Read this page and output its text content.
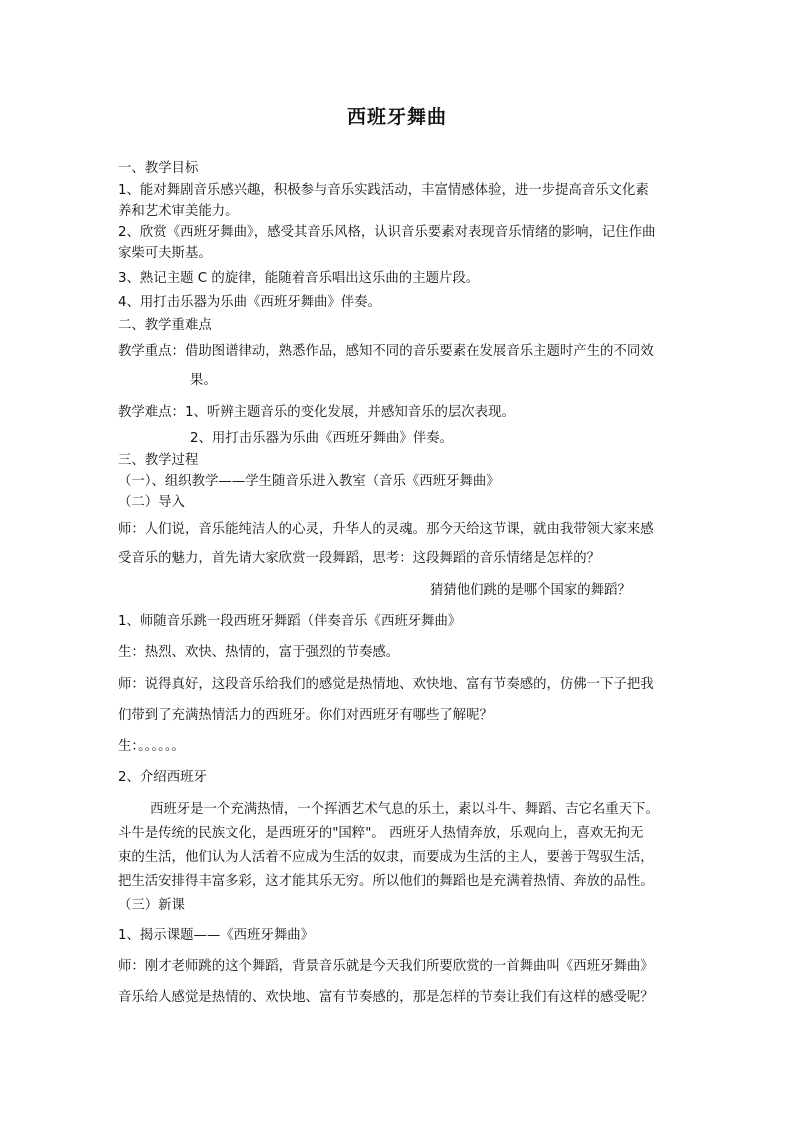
西班牙舞曲
一、教学目标
1、能对舞剧音乐感兴趣，积极参与音乐实践活动，丰富情感体验，进一步提高音乐文化素
养和艺术审美能力。
2、欣赏《西班牙舞曲》，感受其音乐风格，认识音乐要素对表现音乐情绪的影响，记住作曲
家柴可夫斯基。
3、熟记主题 C 的旋律，能随着音乐唱出这乐曲的主题片段。
4、用打击乐器为乐曲《西班牙舞曲》伴奏。
二、教学重难点
教学重点：借助图谱律动，熟悉作品，感知不同的音乐要素在发展音乐主题时产生的不同效
果。
教学难点：1、听辨主题音乐的变化发展，并感知音乐的层次表现。
2、用打击乐器为乐曲《西班牙舞曲》伴奏。
三、教学过程
（一）、组织教学——学生随音乐进入教室（音乐《西班牙舞曲》
（二）导入
师：人们说，音乐能纯洁人的心灵，升华人的灵魂。那今天给这节课，就由我带领大家来感
受音乐的魅力，首先请大家欣赏一段舞蹈，思考：这段舞蹈的音乐情绪是怎样的？
猜猜他们跳的是哪个国家的舞蹈？
1、师随音乐跳一段西班牙舞蹈（伴奏音乐《西班牙舞曲》
生：热烈、欢快、热情的，富于强烈的节奏感。
师：说得真好，这段音乐给我们的感觉是热情地、欢快地、富有节奏感的，仿佛一下子把我
们带到了充满热情活力的西班牙。你们对西班牙有哪些了解呢？
生：。。。。。。
2、介绍西班牙
西班牙是一个充满热情，一个挥洒艺术气息的乐土，素以斗牛、舞蹈、吉它名重天下。
斗牛是传统的民族文化，是西班牙的"国粹"。 西班牙人热情奔放，乐观向上，喜欢无拘无
束的生活，他们认为人活着不应成为生活的奴隶，而要成为生活的主人，要善于驾驭生活，
把生活安排得丰富多彩，这才能其乐无穷。所以他们的舞蹈也是充满着热情、奔放的品性。
（三）新课
1、揭示课题——《西班牙舞曲》
师：刚才老师跳的这个舞蹈，背景音乐就是今天我们所要欣赏的一首舞曲叫《西班牙舞曲》
音乐给人感觉是热情的、欢快地、富有节奏感的，那是怎样的节奏让我们有这样的感受呢？
